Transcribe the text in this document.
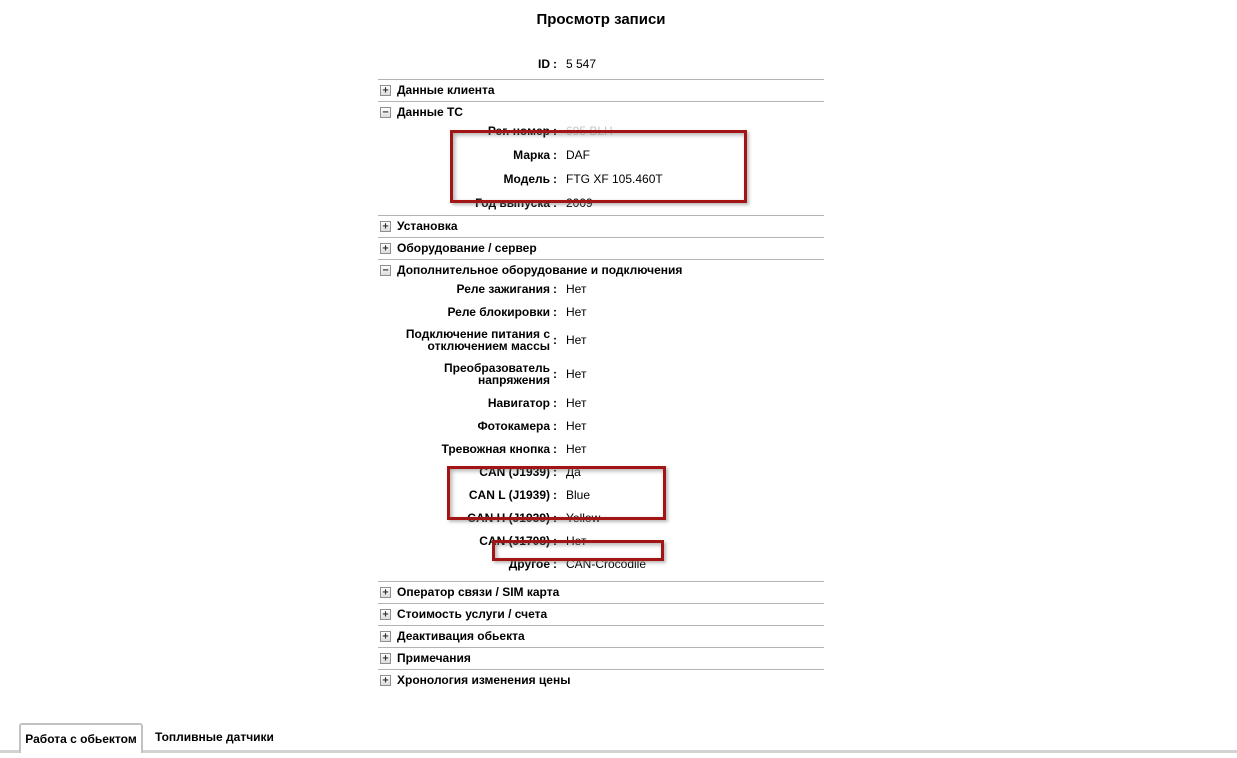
Просмотр записи
ID : 5 547
+ Данные клиента
− Данные ТС
Рег. номер : 695 BLH
Марка : DAF
Модель : FTG XF 105.460T
Год выпуска : 2009
+ Установка
+ Оборудование / сервер
− Дополнительное оборудование и подключения
Реле зажигания : Нет
Реле блокировки : Нет
Подключение питания с отключением массы : Нет
Преобразователь напряжения : Нет
Навигатор : Нет
Фотокамера : Нет
Тревожная кнопка : Нет
CAN (J1939) : Да
CAN L (J1939) : Blue
CAN H (J1939) : Yellow
CAN (J1708) : Нет
Другое : CAN-Crocodile
+ Оператор связи / SIM карта
+ Стоимость услуги / счета
+ Деактивация обьекта
+ Примечания
+ Хронология изменения цены
Работа с обьектом Топливные датчики
